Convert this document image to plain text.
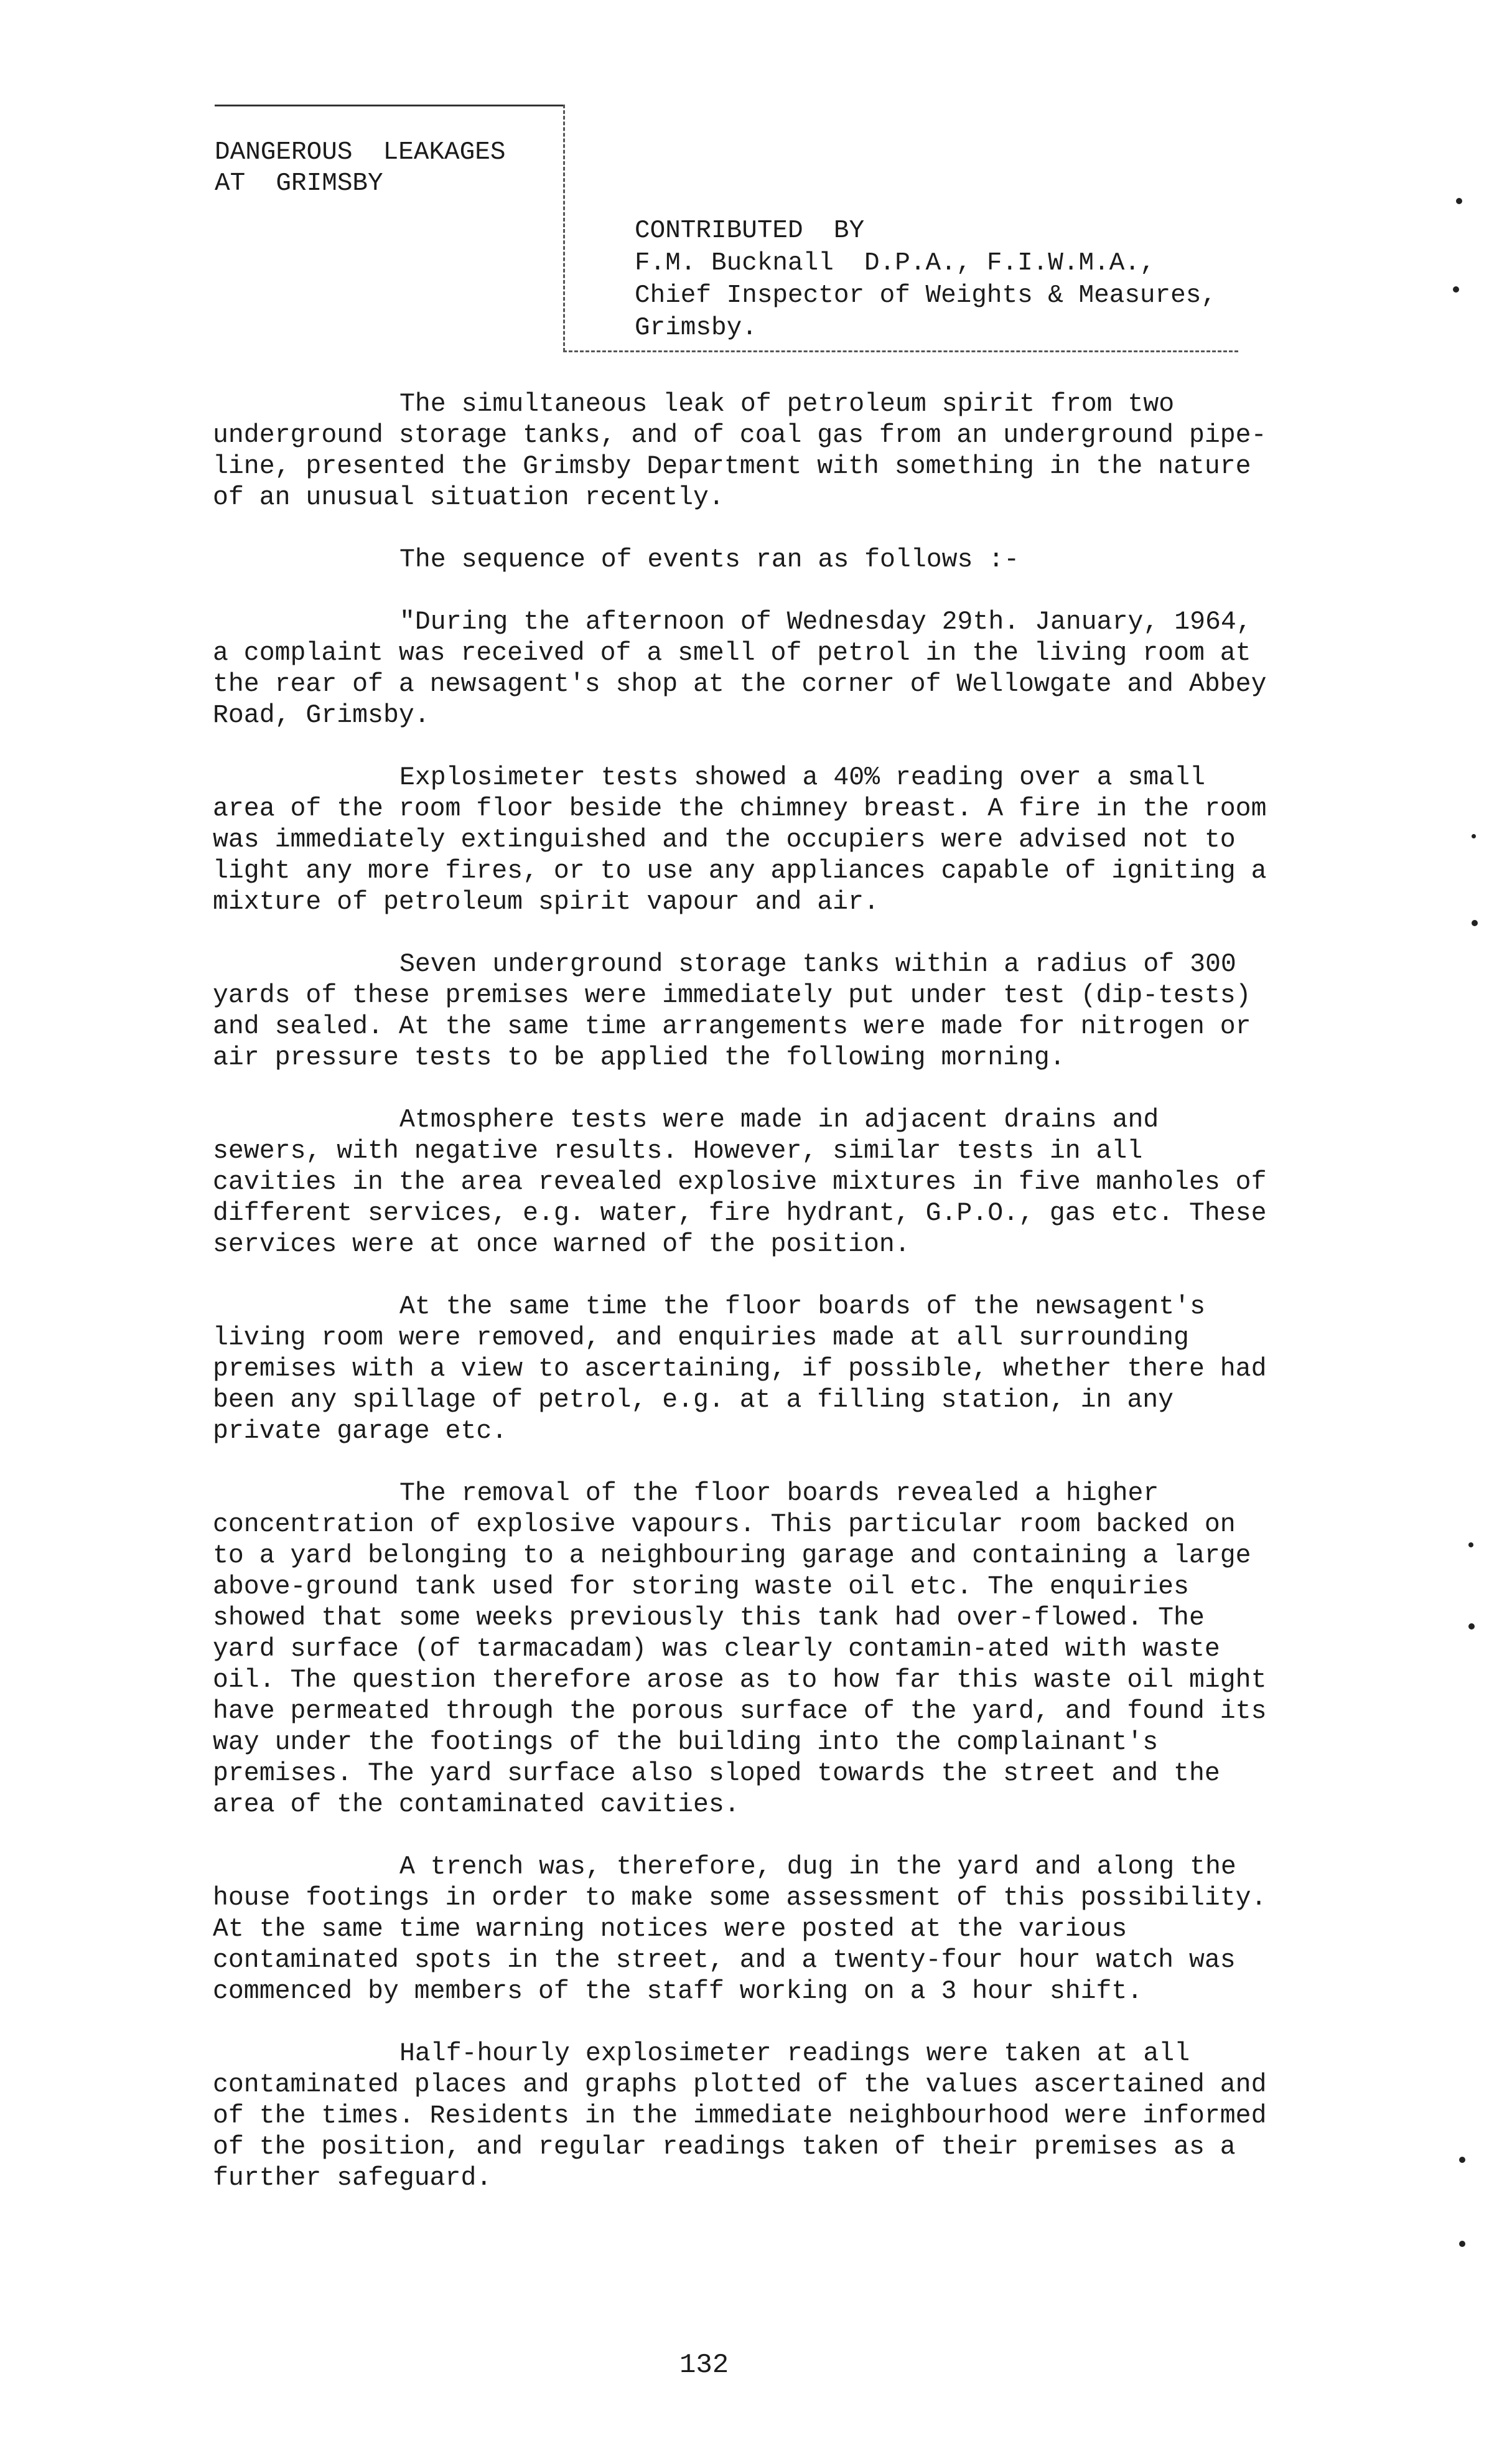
DANGEROUS  LEAKAGES
AT  GRIMSBY
CONTRIBUTED  BY
F.M. Bucknall  D.P.A., F.I.W.M.A.,
Chief Inspector of Weights & Measures,
Grimsby.

The simultaneous leak of petroleum spirit from two underground storage tanks, and of coal gas from an underground pipe-line, presented the Grimsby Department with something in the nature of an unusual situation recently.

The sequence of events ran as follows :-

"During the afternoon of Wednesday 29th. January, 1964, a complaint was received of a smell of petrol in the living room at the rear of a newsagent's shop at the corner of Wellowgate and Abbey Road, Grimsby.

Explosimeter tests showed a 40% reading over a small area of the room floor beside the chimney breast. A fire in the room was immediately extinguished and the occupiers were advised not to light any more fires, or to use any appliances capable of igniting a mixture of petroleum spirit vapour and air.

Seven underground storage tanks within a radius of 300 yards of these premises were immediately put under test (dip-tests) and sealed. At the same time arrangements were made for nitrogen or air pressure tests to be applied the following morning.

Atmosphere tests were made in adjacent drains and sewers, with negative results. However, similar tests in all cavities in the area revealed explosive mixtures in five manholes of different services, e.g. water, fire hydrant, G.P.O., gas etc. These services were at once warned of the position.

At the same time the floor boards of the newsagent's living room were removed, and enquiries made at all surrounding premises with a view to ascertaining, if possible, whether there had been any spillage of petrol, e.g. at a filling station, in any private garage etc.

The removal of the floor boards revealed a higher concentration of explosive vapours. This particular room backed on to a yard belonging to a neighbouring garage and containing a large above-ground tank used for storing waste oil etc. The enquiries showed that some weeks previously this tank had over-flowed. The yard surface (of tarmacadam) was clearly contamin-ated with waste oil. The question therefore arose as to how far this waste oil might have permeated through the porous surface of the yard, and found its way under the footings of the building into the complainant's premises. The yard surface also sloped towards the street and the area of the contaminated cavities.

A trench was, therefore, dug in the yard and along the house footings in order to make some assessment of this possibility. At the same time warning notices were posted at the various contaminated spots in the street, and a twenty-four hour watch was commenced by members of the staff working on a 3 hour shift.

Half-hourly explosimeter readings were taken at all contaminated places and graphs plotted of the values ascertained and of the times. Residents in the immediate neighbourhood were informed of the position, and regular readings taken of their premises as a further safeguard.

132
